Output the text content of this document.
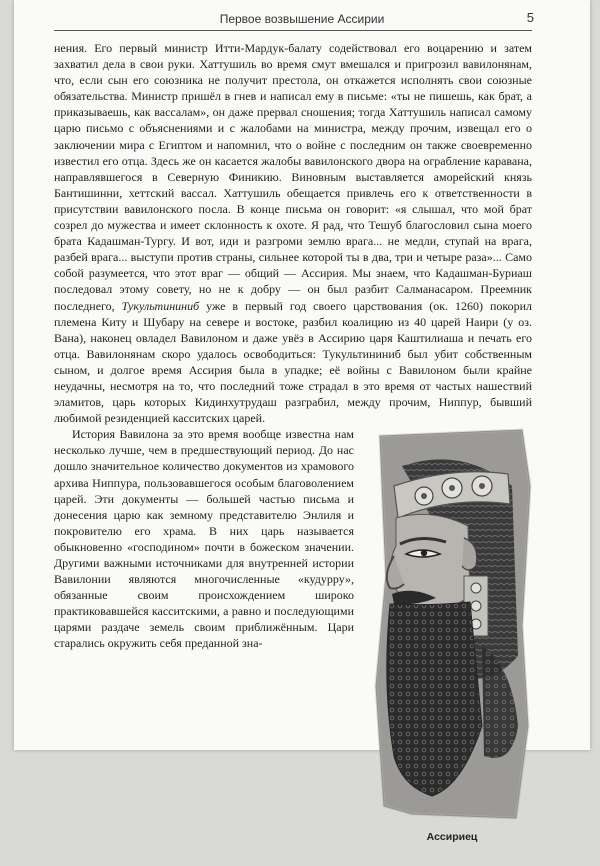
Первое возвышение Ассирии	5

нения. Его первый министр Итти-Мардук-балату содействовал его воцарению и затем захватил дела в свои руки. Хаттушиль во время смут вмешался и пригрозил вавилонянам, что, если сын его союзника не получит престола, он откажется исполнять свои союзные обязательства. Министр пришёл в гнев и написал ему в письме: «ты не пишешь, как брат, а приказываешь, как вассалам», он даже прервал сношения; тогда Хаттушиль написал самому царю письмо с объяснениями и с жалобами на министра, между прочим, извещал его о заключении мира с Египтом и напомнил, что о войне с последним он также своевременно известил его отца. Здесь же он касается жалобы вавилонского двора на ограбление каравана, направлявшегося в Северную Финикию. Виновным выставляется аморейский князь Бантишинни, хеттский вассал. Хаттушиль обещается привлечь его к ответственности в присутствии вавилонского посла. В конце письма он говорит: «я слышал, что мой брат созрел до мужества и имеет склонность к охоте. Я рад, что Тешуб благословил сына моего брата Кадашман-Тургу. И вот, иди и разгроми землю врага... не медли, ступай на врага, разбей врага... выступи против страны, сильнее которой ты в два, три и четыре раза»... Само собой разумеется, что этот враг — общий — Ассирия. Мы знаем, что Кадашман-Буриаш последовал этому совету, но не к добру — он был разбит Салманасаром. Преемник последнего, Тукультининиб уже в первый год своего царствования (ок. 1260) покорил племена Киту и Шубару на севере и востоке, разбил коалицию из 40 царей Наири (у оз. Вана), наконец овладел Вавилоном и даже увёз в Ассирию царя Каштилиаша и печать его отца. Вавилонянам скоро удалось освободиться: Тукультининиб был убит собственным сыном, и долгое время Ассирия была в упадке; её войны с Вавилоном были крайне неудачны, несмотря на то, что последний тоже страдал в это время от частых нашествий эламитов, царь которых Кидинхутрудаш разграбил, между прочим, Ниппур, бывший любимой резиденцией касситских царей.

Ассириец

История Вавилона за это время вообще известна нам несколько лучше, чем в предшествующий период. До нас дошло значительное количество документов из храмового архива Ниппура, пользовавшегося особым благоволением царей. Эти документы — большей частью письма и донесения царю как земному представителю Энлиля и покровителю его храма. В них царь называется обыкновенно «господином» почти в божеском значении. Другими важными источниками для внутренней истории Вавилонии являются многочисленные «кудурру», обязанные своим происхождением широко практиковавшейся касситскими, а равно и последующими царями раздаче земель своим приближённым. Цари старались окружить себя преданной зна-
